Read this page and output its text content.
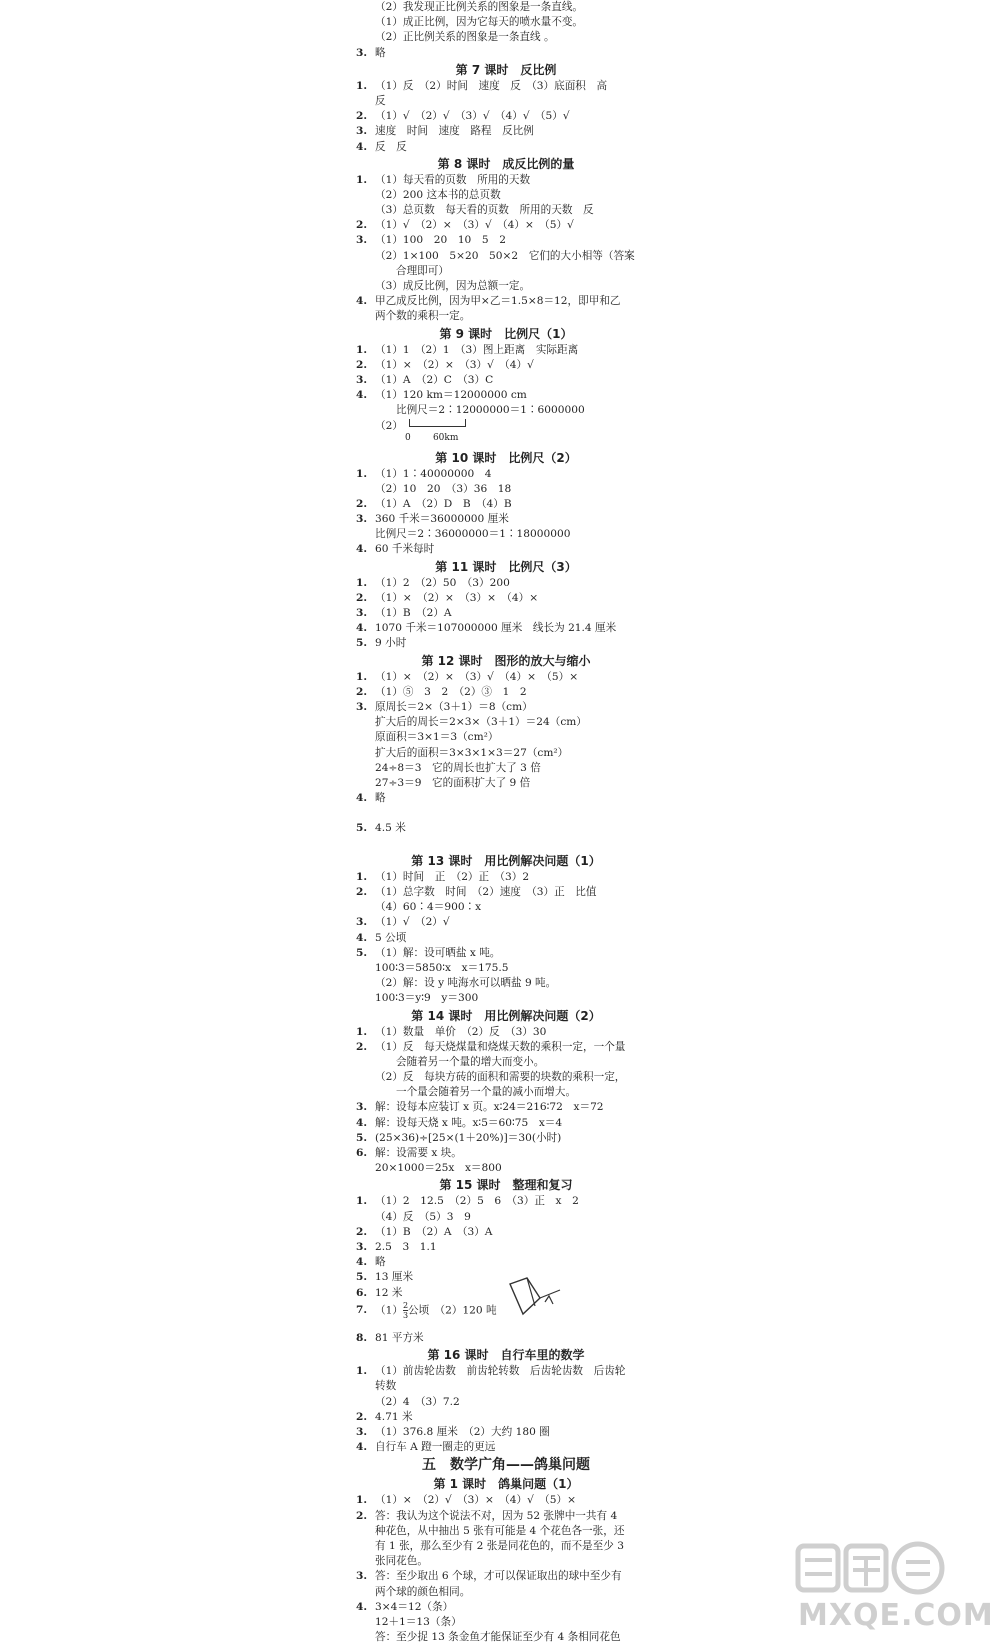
（2）我发现正比例关系的图象是一条直线。
（1）成正比例，因为它每天的喷水量不变。
（2）正比例关系的图象是一条直线 。
3. 略
第 7 课时　反比例
1. （1）反　（2）时间　速度　反　（3）底面积　高
反
2. （1）√　（2）√　（3）√　（4）√　（5）√
3. 速度　时间　速度　路程　反比例
4. 反　反
第 8 课时　成反比例的量
1. （1）每天看的页数　所用的天数
（2）200 这本书的总页数
（3）总页数　每天看的页数　所用的天数　反
2. （1）√　（2）×　（3）√　（4）×　（5）√
3. （1）100　20　10　5　2
（2）1×100　5×20　50×2　它们的大小相等（答案
合理即可）
（3）成反比例，因为总额一定。
4. 甲乙成反比例，因为甲×乙＝1.5×8＝12，即甲和乙
两个数的乘积一定。
第 9 课时　比例尺（1）
1. （1）1　（2）1　（3）图上距离　实际距离
2. （1）×　（2）×　（3）√　（4）√
3. （1）A　（2）C　（3）C
4. （1）120 km＝12000000 cm
比例尺＝2∶12000000＝1∶6000000
（2）
0 60km
第 10 课时　比例尺（2）
1. （1）1∶40000000　4
（2）10　20　（3）36　18
2. （1）A　（2）D　B　（4）B
3. 360 千米＝36000000 厘米
比例尺＝2∶36000000＝1∶18000000
4. 60 千米每时
第 11 课时　比例尺（3）
1. （1）2　（2）50　（3）200
2. （1）×　（2）×　（3）×　（4）×
3. （1）B　（2）A
4. 1070 千米＝107000000 厘米　线长为 21.4 厘米
5. 9 小时
第 12 课时　图形的放大与缩小
1. （1）×　（2）×　（3）√　（4）×　（5）×
2. （1）⑤　3　2　（2）③　1　2
3. 原周长＝2×（3＋1）＝8（cm）
扩大后的周长＝2×3×（3＋1）＝24（cm）
原面积＝3×1＝3（cm²）
扩大后的面积＝3×3×1×3＝27（cm²）
24÷8＝3　它的周长也扩大了 3 倍
27÷3＝9　它的面积扩大了 9 倍
4. 略
5. 4.5 米
第 13 课时　用比例解决问题（1）
1. （1）时间　正　（2）正　（3）2
2. （1）总字数　时间　（2）速度　（3）正　比值
（4）60∶4＝900∶x
3. （1）√　（2）√
4. 5 公顷
5. （1）解：设可晒盐 x 吨。
100∶3＝5850∶x　x＝175.5
（2）解：设 y 吨海水可以晒盐 9 吨。
100∶3＝y∶9　y＝300
第 14 课时　用比例解决问题（2）
1. （1）数量　单价　（2）反　（3）30
2. （1）反　每天烧煤量和烧煤天数的乘积一定，一个量
会随着另一个量的增大而变小。
（2）反　每块方砖的面积和需要的块数的乘积一定，
一个量会随着另一个量的减小而增大。
3. 解：设每本应装订 x 页。x∶24＝216∶72　x＝72
4. 解：设每天烧 x 吨。x∶5＝60∶75　x＝4
5. (25×36)÷[25×(1＋20%)]＝30(小时)
6. 解：设需要 x 块。
20×1000＝25x　x＝800
第 15 课时　整理和复习
1. （1）2　12.5　（2）5　6　（3）正　x　2
（4）反　（5）3　9
2. （1）B　（2）A　（3）A
3. 2.5　3　1.1
4. 略
5. 13 厘米
6. 12 米
7. $(1) \frac{2}{3}$ 公顷　（2）120 吨
8. 81 平方米
第 16 课时　自行车里的数学
1. （1）前齿轮齿数　前齿轮转数　后齿轮齿数　后齿轮
转数
（2）4　（3）7.2
2. 4.71 米
3. （1）376.8 厘米　（2）大约 180 圈
4. 自行车 A 蹬一圈走的更远
五　数学广角——鸽巢问题
第 1 课时　鸽巢问题（1）
1. （1）×　（2）√　（3）×　（4）√　（5）×
2. 答：我认为这个说法不对，因为 52 张牌中一共有 4
种花色，从中抽出 5 张有可能是 4 个花色各一张，还
有 1 张，那么至少有 2 张是同花色的，而不是至少 3
张同花色。
3. 答：至少取出 6 个球，才可以保证取出的球中至少有
两个球的颜色相同。
4. 3×4＝12（条）
12＋1＝13（条）
答：至少捉 13 条金鱼才能保证至少有 4 条相同花色
MXQE.COM
